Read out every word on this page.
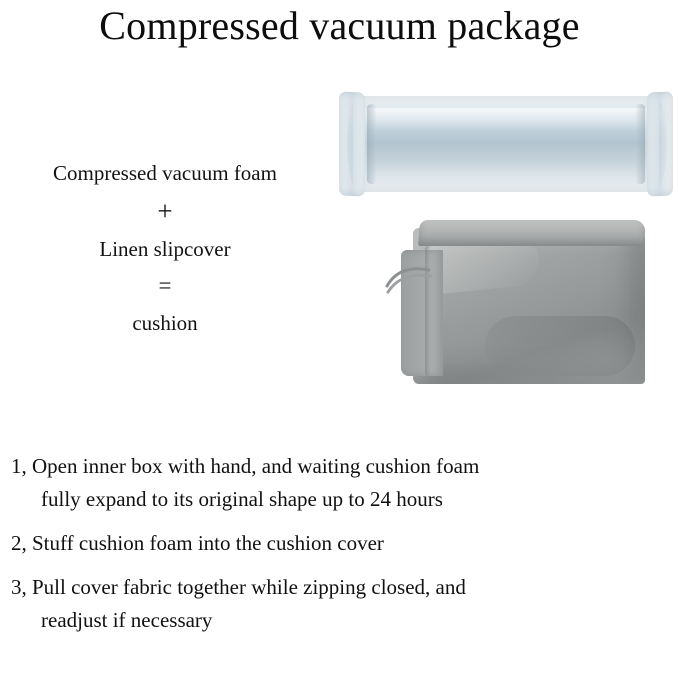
Compressed vacuum package
Compressed vacuum foam
+
Linen slipcover
=
cushion
1, Open inner box with hand, and waiting cushion foam
fully expand to its original shape up to 24 hours
2, Stuff cushion foam into the cushion cover
3, Pull cover fabric together while zipping closed, and
readjust if necessary
